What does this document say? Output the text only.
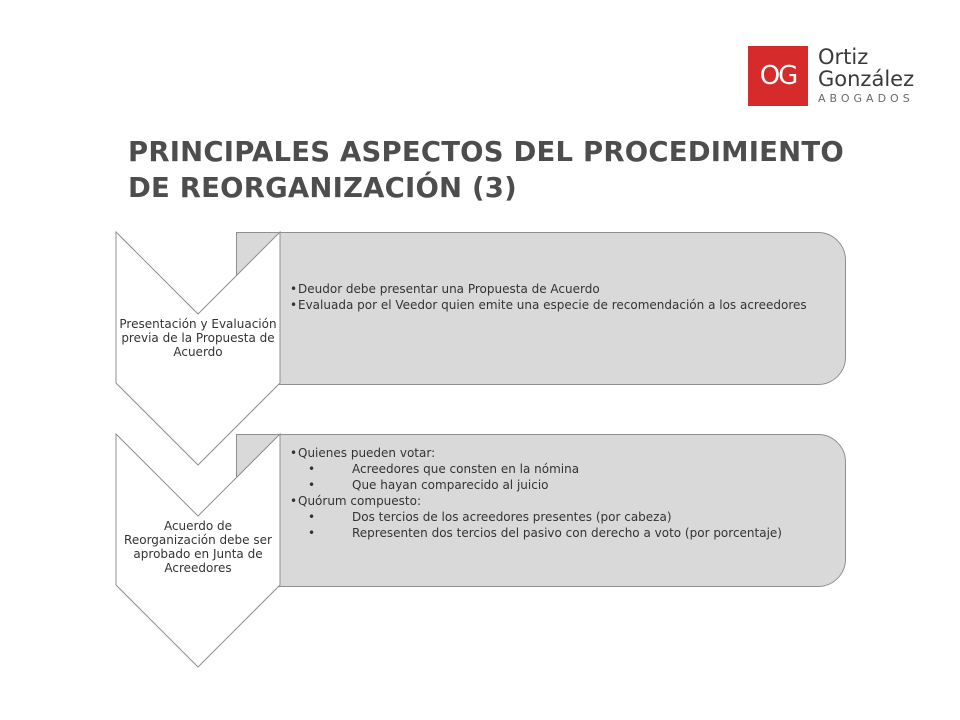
OG
Ortiz
González
ABOGADOS
PRINCIPALES ASPECTOS DEL PROCEDIMIENTO
DE REORGANIZACIÓN (3)
Presentación y Evaluación previa de la Propuesta de Acuerdo
Acuerdo de Reorganización debe ser aprobado en Junta de Acreedores
• Deudor debe presentar una Propuesta de Acuerdo
• Evaluada por el Veedor quien emite una especie de recomendación a los acreedores
• Quienes pueden votar:
• Acreedores que consten en la nómina
• Que hayan comparecido al juicio
• Quórum compuesto:
• Dos tercios de los acreedores presentes (por cabeza)
• Representen dos tercios del pasivo con derecho a voto (por porcentaje)
